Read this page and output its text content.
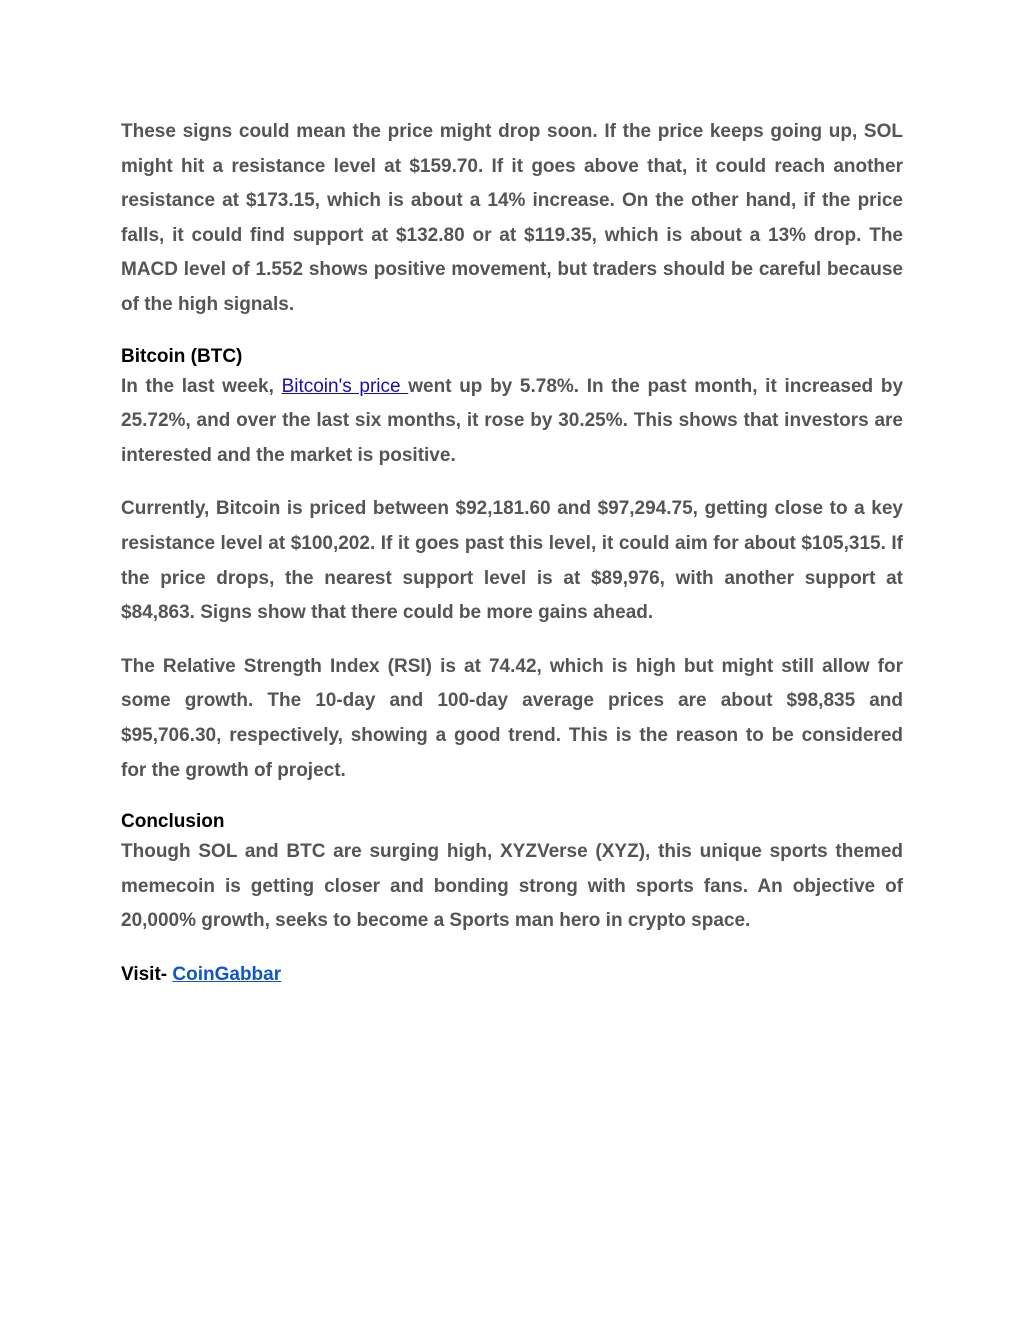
These signs could mean the price might drop soon. If the price keeps going up, SOL might hit a resistance level at $159.70. If it goes above that, it could reach another resistance at $173.15, which is about a 14% increase. On the other hand, if the price falls, it could find support at $132.80 or at $119.35, which is about a 13% drop. The MACD level of 1.552 shows positive movement, but traders should be careful because of the high signals.

Bitcoin (BTC)

In the last week, Bitcoin's price went up by 5.78%. In the past month, it increased by 25.72%, and over the last six months, it rose by 30.25%. This shows that investors are interested and the market is positive.

Currently, Bitcoin is priced between $92,181.60 and $97,294.75, getting close to a key resistance level at $100,202. If it goes past this level, it could aim for about $105,315. If the price drops, the nearest support level is at $89,976, with another support at $84,863. Signs show that there could be more gains ahead.

The Relative Strength Index (RSI) is at 74.42, which is high but might still allow for some growth. The 10-day and 100-day average prices are about $98,835 and $95,706.30, respectively, showing a good trend. This is the reason to be considered for the growth of project.

Conclusion

Though SOL and BTC are surging high, XYZVerse (XYZ), this unique sports themed memecoin is getting closer and bonding strong with sports fans. An objective of 20,000% growth, seeks to become a Sports man hero in crypto space.

Visit- CoinGabbar
